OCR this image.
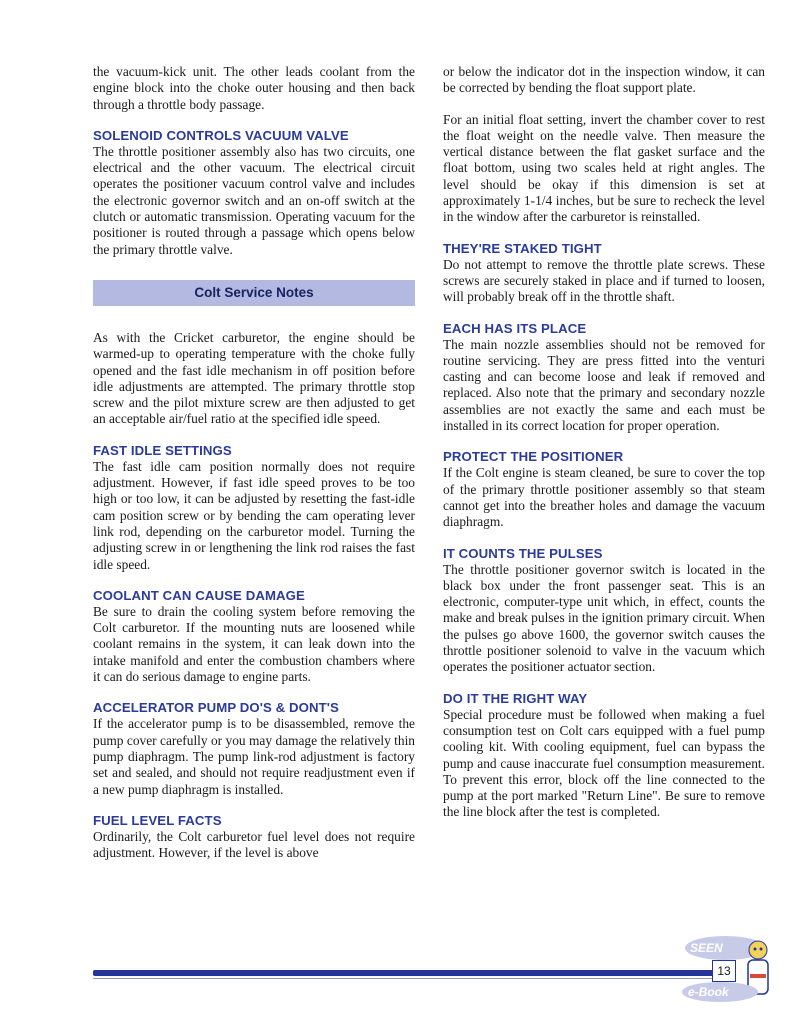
the vacuum-kick unit. The other leads coolant from the engine block into the choke outer housing and then back through a throttle body passage.

SOLENOID CONTROLS VACUUM VALVE

The throttle positioner assembly also has two circuits, one electrical and the other vacuum. The electrical circuit operates the positioner vacuum control valve and includes the electronic governor switch and an on-off switch at the clutch or automatic transmission. Operating vacuum for the positioner is routed through a passage which opens below the primary throttle valve.

Colt Service Notes

As with the Cricket carburetor, the engine should be warmed-up to operating temperature with the choke fully opened and the fast idle mechanism in off position before idle adjustments are attempted. The primary throttle stop screw and the pilot mixture screw are then adjusted to get an acceptable air/fuel ratio at the specified idle speed.

FAST IDLE SETTINGS

The fast idle cam position normally does not require adjustment. However, if fast idle speed proves to be too high or too low, it can be adjusted by resetting the fast-idle cam position screw or by bending the cam operating lever link rod, depending on the carburetor model. Turning the adjusting screw in or lengthening the link rod raises the fast idle speed.

COOLANT CAN CAUSE DAMAGE

Be sure to drain the cooling system before removing the Colt carburetor. If the mounting nuts are loosened while coolant remains in the system, it can leak down into the intake manifold and enter the combustion chambers where it can do serious damage to engine parts.

ACCELERATOR PUMP DO'S & DONT'S

If the accelerator pump is to be disassembled, remove the pump cover carefully or you may damage the relatively thin pump diaphragm. The pump link-rod adjustment is factory set and sealed, and should not require readjustment even if a new pump diaphragm is installed.

FUEL LEVEL FACTS

Ordinarily, the Colt carburetor fuel level does not require adjustment. However, if the level is above

or below the indicator dot in the inspection window, it can be corrected by bending the float support plate.

For an initial float setting, invert the chamber cover to rest the float weight on the needle valve. Then measure the vertical distance between the flat gasket surface and the float bottom, using two scales held at right angles. The level should be okay if this dimension is set at approximately 1-1/4 inches, but be sure to recheck the level in the window after the carburetor is reinstalled.

THEY'RE STAKED TIGHT

Do not attempt to remove the throttle plate screws. These screws are securely staked in place and if turned to loosen, will probably break off in the throttle shaft.

EACH HAS ITS PLACE

The main nozzle assemblies should not be removed for routine servicing. They are press fitted into the venturi casting and can become loose and leak if removed and replaced. Also note that the primary and secondary nozzle assemblies are not exactly the same and each must be installed in its correct location for proper operation.

PROTECT THE POSITIONER

If the Colt engine is steam cleaned, be sure to cover the top of the primary throttle positioner assembly so that steam cannot get into the breather holes and damage the vacuum diaphragm.

IT COUNTS THE PULSES

The throttle positioner governor switch is located in the black box under the front passenger seat. This is an electronic, computer-type unit which, in effect, counts the make and break pulses in the ignition primary circuit. When the pulses go above 1600, the governor switch causes the throttle positioner solenoid to valve in the vacuum which operates the positioner actuator section.

DO IT THE RIGHT WAY

Special procedure must be followed when making a fuel consumption test on Colt cars equipped with a fuel pump cooling kit. With cooling equipment, fuel can bypass the pump and cause inaccurate fuel consumption measurement. To prevent this error, block off the line connected to the pump at the port marked "Return Line". Be sure to remove the line block after the test is completed.

SEEN
e-Book
13
